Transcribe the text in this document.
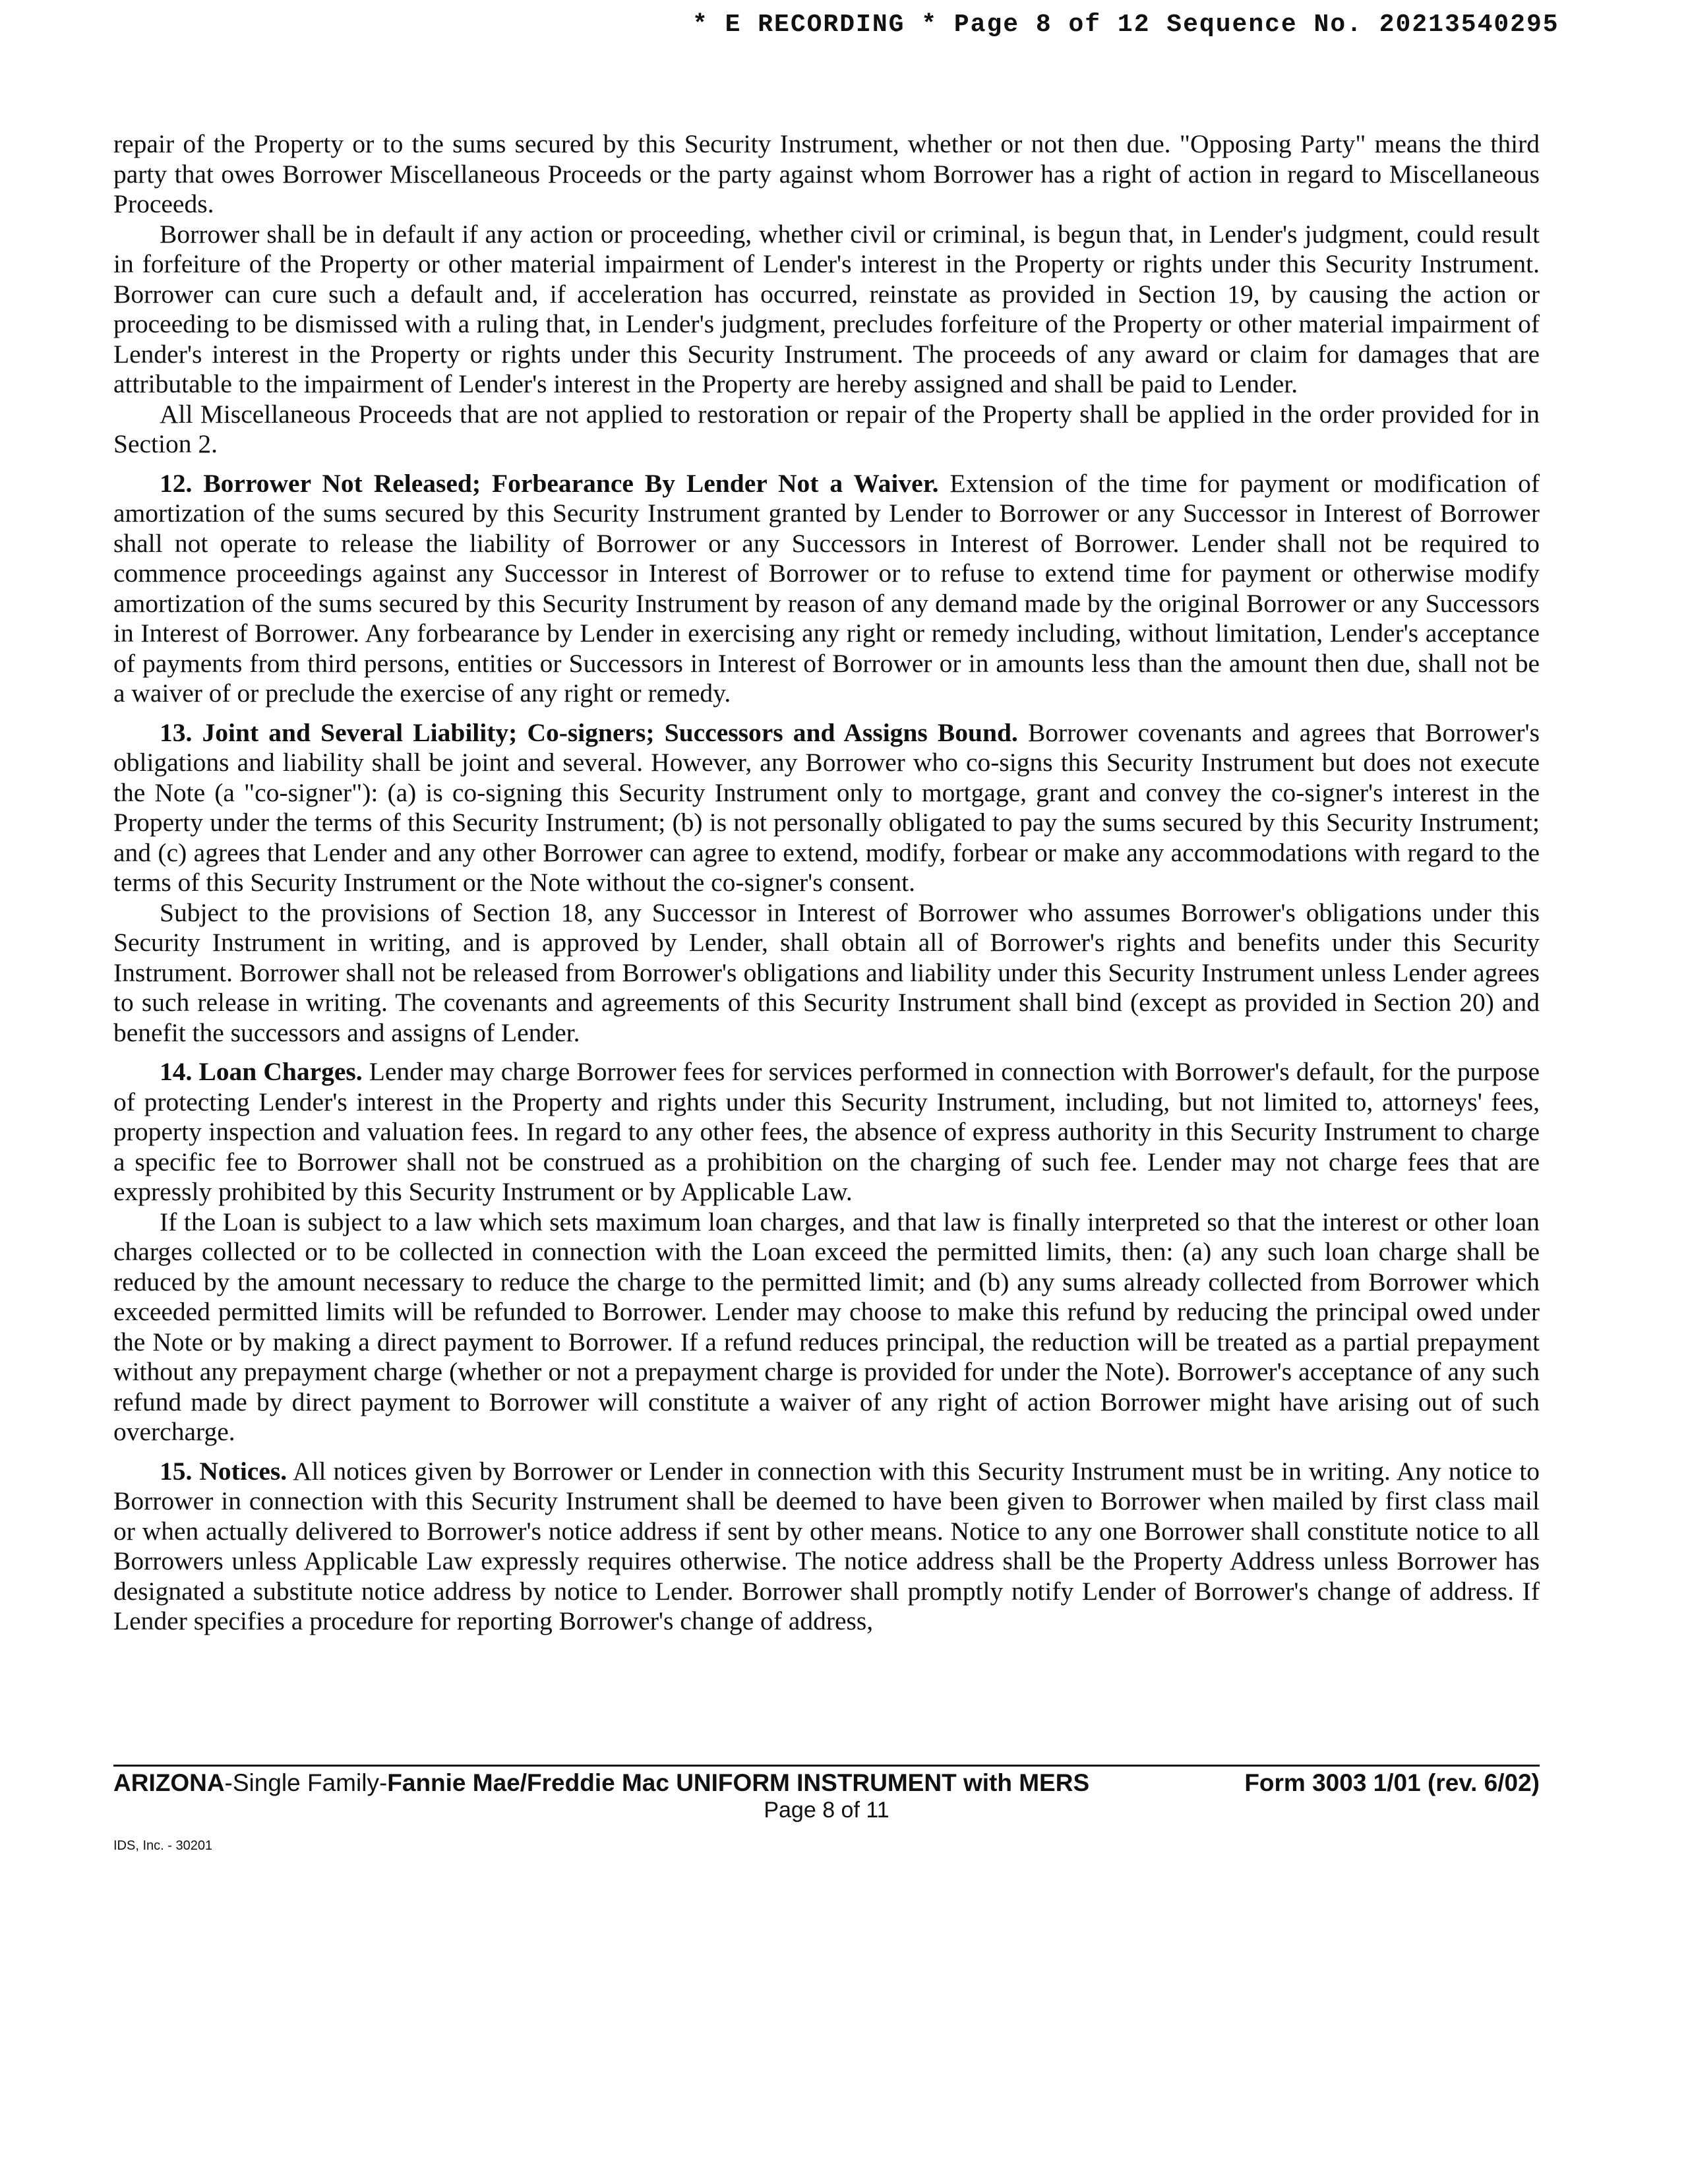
* E RECORDING * Page 8 of 12 Sequence No. 20213540295

repair of the Property or to the sums secured by this Security Instrument, whether or not then due. "Opposing Party" means the third party that owes Borrower Miscellaneous Proceeds or the party against whom Borrower has a right of action in regard to Miscellaneous Proceeds.

Borrower shall be in default if any action or proceeding, whether civil or criminal, is begun that, in Lender's judgment, could result in forfeiture of the Property or other material impairment of Lender's interest in the Property or rights under this Security Instrument. Borrower can cure such a default and, if acceleration has occurred, reinstate as provided in Section 19, by causing the action or proceeding to be dismissed with a ruling that, in Lender's judgment, precludes forfeiture of the Property or other material impairment of Lender's interest in the Property or rights under this Security Instrument. The proceeds of any award or claim for damages that are attributable to the impairment of Lender's interest in the Property are hereby assigned and shall be paid to Lender.

All Miscellaneous Proceeds that are not applied to restoration or repair of the Property shall be applied in the order provided for in Section 2.

12. Borrower Not Released; Forbearance By Lender Not a Waiver. Extension of the time for payment or modification of amortization of the sums secured by this Security Instrument granted by Lender to Borrower or any Successor in Interest of Borrower shall not operate to release the liability of Borrower or any Successors in Interest of Borrower. Lender shall not be required to commence proceedings against any Successor in Interest of Borrower or to refuse to extend time for payment or otherwise modify amortization of the sums secured by this Security Instrument by reason of any demand made by the original Borrower or any Successors in Interest of Borrower. Any forbearance by Lender in exercising any right or remedy including, without limitation, Lender's acceptance of payments from third persons, entities or Successors in Interest of Borrower or in amounts less than the amount then due, shall not be a waiver of or preclude the exercise of any right or remedy.

13. Joint and Several Liability; Co-signers; Successors and Assigns Bound. Borrower covenants and agrees that Borrower's obligations and liability shall be joint and several. However, any Borrower who co-signs this Security Instrument but does not execute the Note (a "co-signer"): (a) is co-signing this Security Instrument only to mortgage, grant and convey the co-signer's interest in the Property under the terms of this Security Instrument; (b) is not personally obligated to pay the sums secured by this Security Instrument; and (c) agrees that Lender and any other Borrower can agree to extend, modify, forbear or make any accommodations with regard to the terms of this Security Instrument or the Note without the co-signer's consent.

Subject to the provisions of Section 18, any Successor in Interest of Borrower who assumes Borrower's obligations under this Security Instrument in writing, and is approved by Lender, shall obtain all of Borrower's rights and benefits under this Security Instrument. Borrower shall not be released from Borrower's obligations and liability under this Security Instrument unless Lender agrees to such release in writing. The covenants and agreements of this Security Instrument shall bind (except as provided in Section 20) and benefit the successors and assigns of Lender.

14. Loan Charges. Lender may charge Borrower fees for services performed in connection with Borrower's default, for the purpose of protecting Lender's interest in the Property and rights under this Security Instrument, including, but not limited to, attorneys' fees, property inspection and valuation fees. In regard to any other fees, the absence of express authority in this Security Instrument to charge a specific fee to Borrower shall not be construed as a prohibition on the charging of such fee. Lender may not charge fees that are expressly prohibited by this Security Instrument or by Applicable Law.

If the Loan is subject to a law which sets maximum loan charges, and that law is finally interpreted so that the interest or other loan charges collected or to be collected in connection with the Loan exceed the permitted limits, then: (a) any such loan charge shall be reduced by the amount necessary to reduce the charge to the permitted limit; and (b) any sums already collected from Borrower which exceeded permitted limits will be refunded to Borrower. Lender may choose to make this refund by reducing the principal owed under the Note or by making a direct payment to Borrower. If a refund reduces principal, the reduction will be treated as a partial prepayment without any prepayment charge (whether or not a prepayment charge is provided for under the Note). Borrower's acceptance of any such refund made by direct payment to Borrower will constitute a waiver of any right of action Borrower might have arising out of such overcharge.

15. Notices. All notices given by Borrower or Lender in connection with this Security Instrument must be in writing. Any notice to Borrower in connection with this Security Instrument shall be deemed to have been given to Borrower when mailed by first class mail or when actually delivered to Borrower's notice address if sent by other means. Notice to any one Borrower shall constitute notice to all Borrowers unless Applicable Law expressly requires otherwise. The notice address shall be the Property Address unless Borrower has designated a substitute notice address by notice to Lender. Borrower shall promptly notify Lender of Borrower's change of address. If Lender specifies a procedure for reporting Borrower's change of address,

ARIZONA-Single Family-Fannie Mae/Freddie Mac UNIFORM INSTRUMENT with MERS	Form 3003 1/01 (rev. 6/02)
Page 8 of 11
IDS, Inc. - 30201
